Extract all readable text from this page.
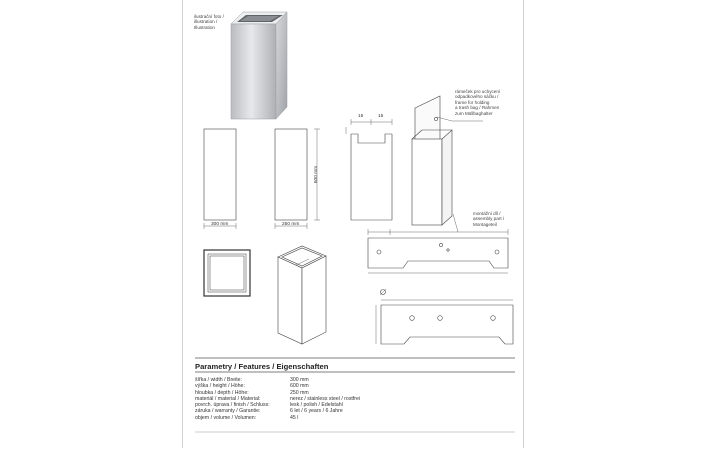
ilustrační foto /
illustration /
Illustration
rámeček pro uchycení
odpadkového sáčku /
frame for holding
a trash bag / Rahmen
zum Müllbaghalter
montážní díl /
assembly part /
Montageteil
300 mm	250 mm
600 mm
15	15
Parametry / Features / Eigenschaften
šířka / width / Breite:	300 mm
výška / height / Höhe:	600 mm
hloubka / depth / Höhe:	250 mm
materiál / material / Material:	nerez / stainless steel / rostfrei
povrch. úprava / finish / Schluss:	lesk / polish / Edelstahl
záruka / warranty / Garantie:	6 let / 6 years / 6 Jahre
objem / volume / Volumen:	45 l
